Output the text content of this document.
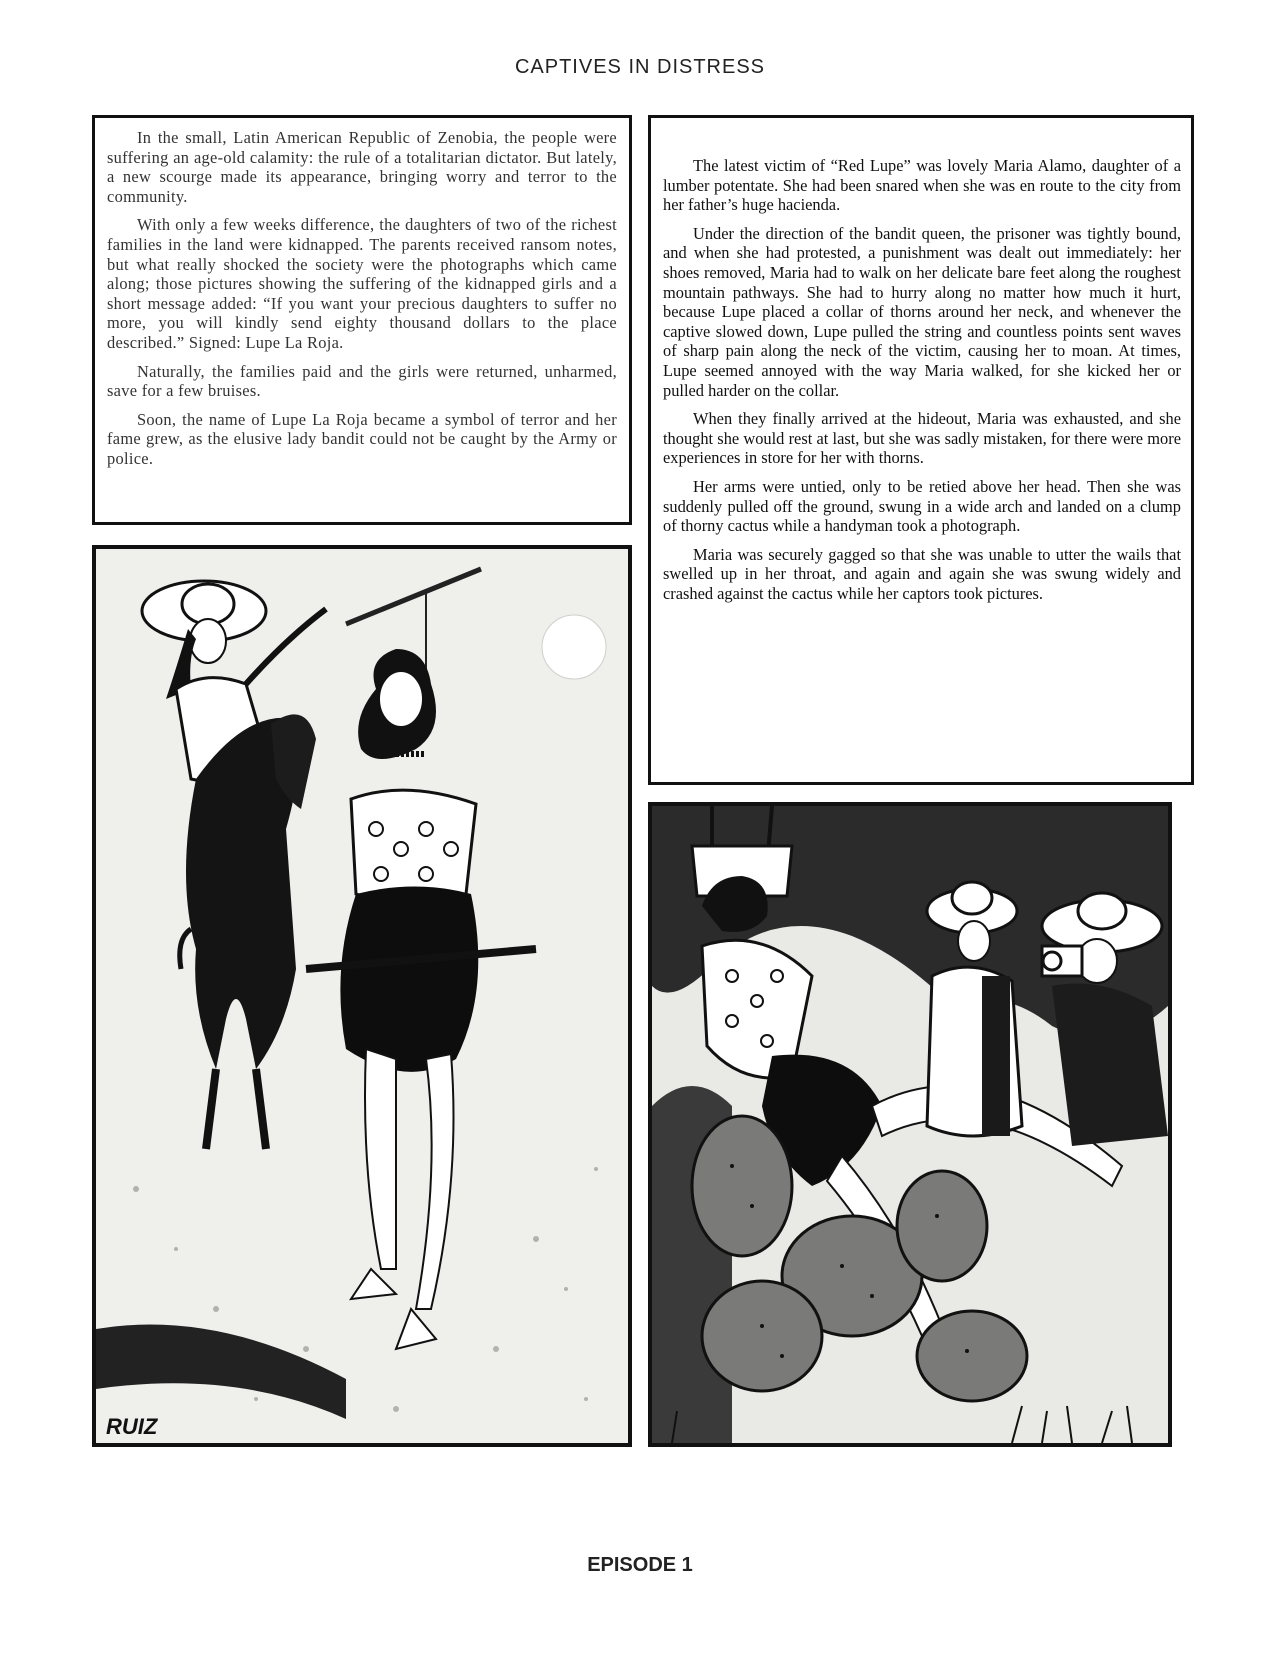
CAPTIVES IN DISTRESS

In the small, Latin American Republic of Zenobia, the people were suffering an age-old calamity: the rule of a totalitarian dictator. But lately, a new scourge made its appearance, bringing worry and terror to the community.

With only a few weeks difference, the daughters of two of the richest families in the land were kidnapped. The parents received ransom notes, but what really shocked the society were the photographs which came along; those pictures showing the suffering of the kidnapped girls and a short message added: “If you want your precious daughters to suffer no more, you will kindly send eighty thousand dollars to the place described.” Signed: Lupe La Roja.

Naturally, the families paid and the girls were returned, unharmed, save for a few bruises.

Soon, the name of Lupe La Roja became a symbol of terror and her fame grew, as the elusive lady bandit could not be caught by the Army or police.

The latest victim of “Red Lupe” was lovely Maria Alamo, daughter of a lumber potentate. She had been snared when she was en route to the city from her father’s huge hacienda.

Under the direction of the bandit queen, the prisoner was tightly bound, and when she had protested, a punishment was dealt out immediately: her shoes removed, Maria had to walk on her delicate bare feet along the roughest mountain pathways. She had to hurry along no matter how much it hurt, because Lupe placed a collar of thorns around her neck, and whenever the captive slowed down, Lupe pulled the string and countless points sent waves of sharp pain along the neck of the victim, causing her to moan. At times, Lupe seemed annoyed with the way Maria walked, for she kicked her or pulled harder on the collar.

When they finally arrived at the hideout, Maria was exhausted, and she thought she would rest at last, but she was sadly mistaken, for there were more experiences in store for her with thorns.

Her arms were untied, only to be retied above her head. Then she was suddenly pulled off the ground, swung in a wide arch and landed on a clump of thorny cactus while a handyman took a photograph.

Maria was securely gagged so that she was unable to utter the wails that swelled up in her throat, and again and again she was swung widely and crashed against the cactus while her captors took pictures.

RUIZ
EPISODE 1
